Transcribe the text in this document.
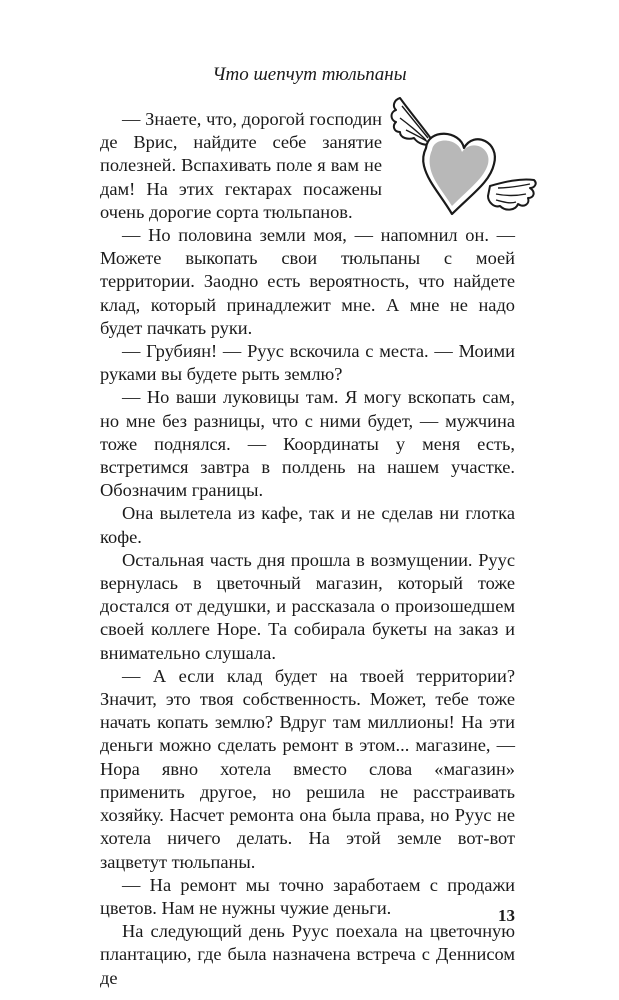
Что шепчут тюльпаны

— Знаете, что, дорогой господин де Врис, найдите себе занятие полезней. Вспахивать поле я вам не дам! На этих гектарах посажены очень дорогие сорта тюльпанов.

— Но половина земли моя, — напомнил он. — Можете выкопать свои тюльпаны с моей территории. Заодно есть вероятность, что найдете клад, который принадлежит мне. А мне не надо будет пачкать руки.

— Грубиян! — Руус вскочила с места. — Моими руками вы будете рыть землю?

— Но ваши луковицы там. Я могу вскопать сам, но мне без разницы, что с ними будет, — мужчина тоже поднялся. — Координаты у меня есть, встретимся завтра в полдень на нашем участке. Обозначим границы.

Она вылетела из кафе, так и не сделав ни глотка кофе.

Остальная часть дня прошла в возмущении. Руус вернулась в цветочный магазин, который тоже достался от дедушки, и рассказала о произошедшем своей коллеге Норе. Та собирала букеты на заказ и внимательно слушала.

— А если клад будет на твоей территории? Значит, это твоя собственность. Может, тебе тоже начать копать землю? Вдруг там миллионы! На эти деньги можно сделать ремонт в этом... магазине, — Нора явно хотела вместо слова «магазин» применить другое, но решила не расстраивать хозяйку. Насчет ремонта она была права, но Руус не хотела ничего делать. На этой земле вот-вот зацветут тюльпаны.

— На ремонт мы точно заработаем с продажи цветов. Нам не нужны чужие деньги.

На следующий день Руус поехала на цветочную плантацию, где была назначена встреча с Деннисом де

13
